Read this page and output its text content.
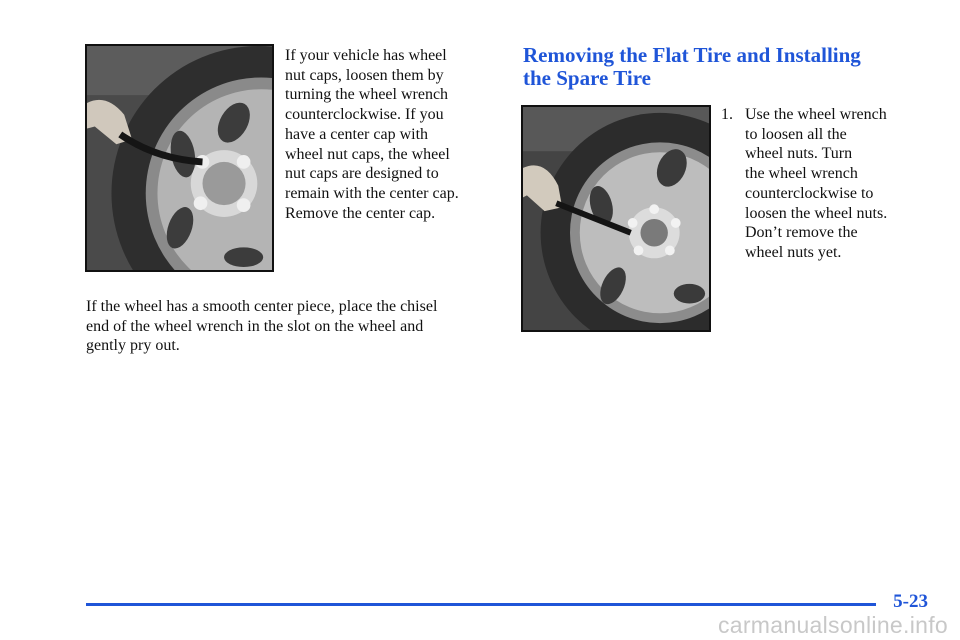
If your vehicle has wheel
nut caps, loosen them by
turning the wheel wrench
counterclockwise. If you
have a center cap with
wheel nut caps, the wheel
nut caps are designed to
remain with the center cap.
Remove the center cap.
If the wheel has a smooth center piece, place the chisel
end of the wheel wrench in the slot on the wheel and
gently pry out.
Removing the Flat Tire and Installing
the Spare Tire
1. Use the wheel wrench
to loosen all the
wheel nuts. Turn
the wheel wrench
counterclockwise to
loosen the wheel nuts.
Don’t remove the
wheel nuts yet.
5-23
carmanualsonline.info
